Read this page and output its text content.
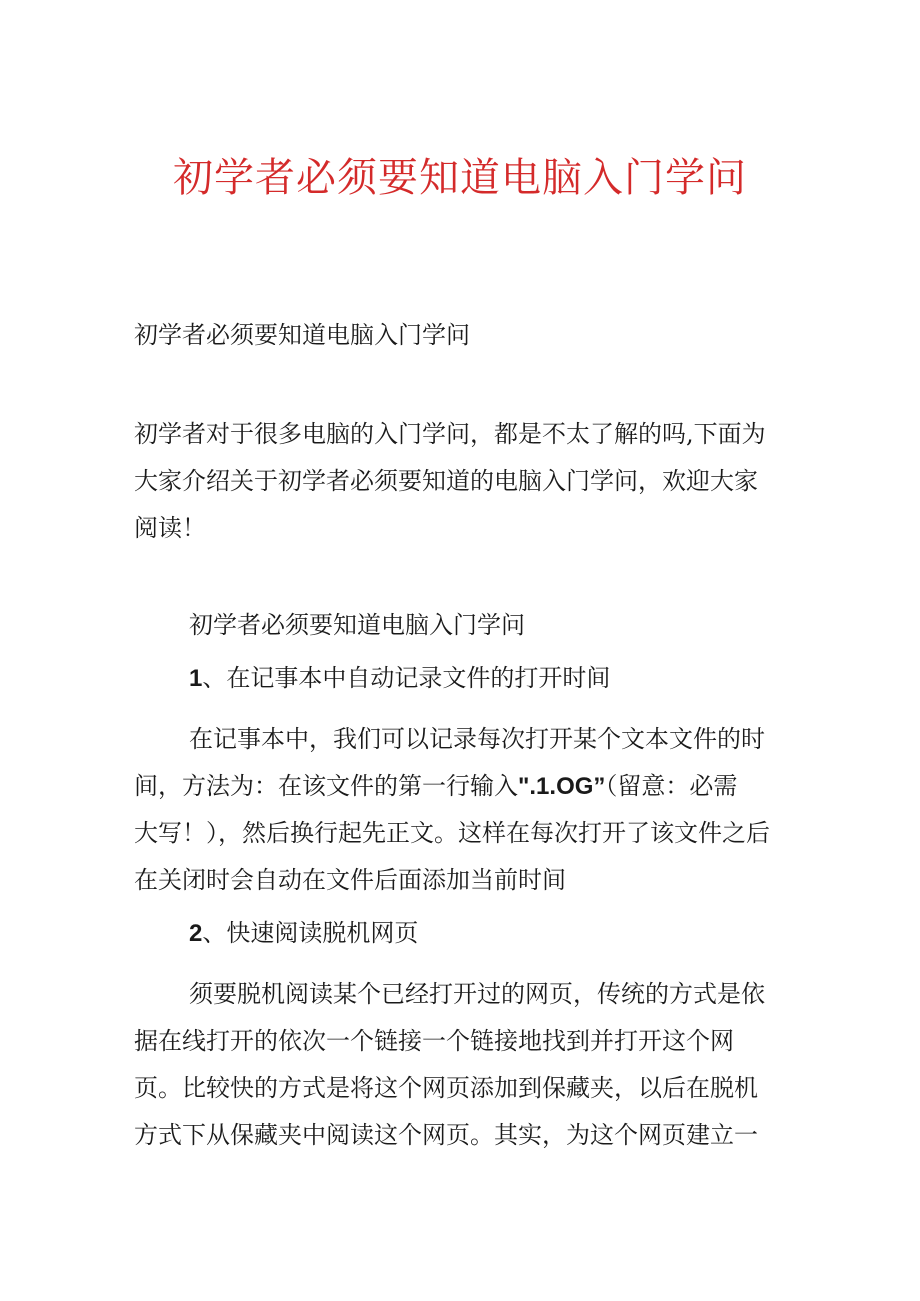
初学者必须要知道电脑入门学问
初学者必须要知道电脑入门学问
初学者对于很多电脑的入门学问，都是不太了解的吗,下面为
大家介绍关于初学者必须要知道的电脑入门学问，欢迎大家
阅读！
初学者必须要知道电脑入门学问
1、在记事本中自动记录文件的打开时间
在记事本中，我们可以记录每次打开某个文本文件的时
间，方法为：在该文件的第一行输入".1.OG”（留意：必需
大写！），然后换行起先正文。这样在每次打开了该文件之后
在关闭时会自动在文件后面添加当前时间
2、快速阅读脱机网页
须要脱机阅读某个已经打开过的网页，传统的方式是依
据在线打开的依次一个链接一个链接地找到并打开这个网
页。比较快的方式是将这个网页添加到保藏夹，以后在脱机
方式下从保藏夹中阅读这个网页。其实，为这个网页建立一
